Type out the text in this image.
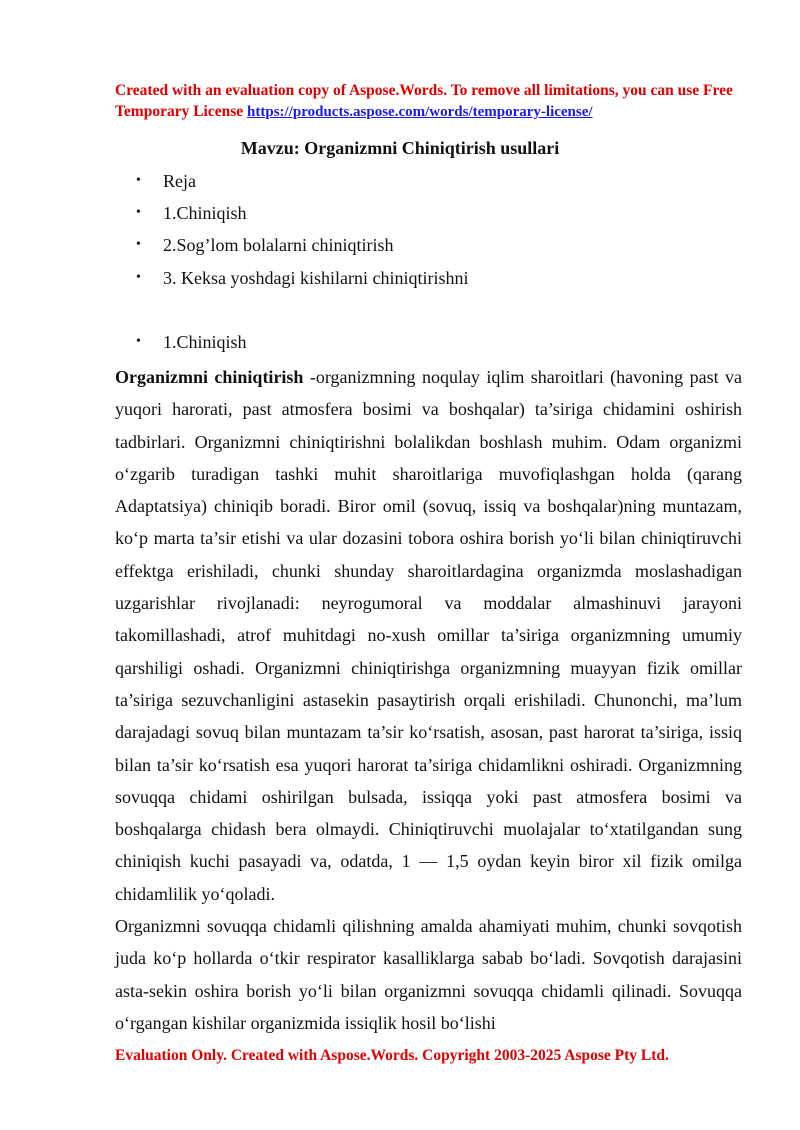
Created with an evaluation copy of Aspose.Words. To remove all limitations, you can use Free Temporary License https://products.aspose.com/words/temporary-license/
Mavzu: Organizmni Chiniqtirish usullari
• Reja
• 1.Chiniqish
• 2.Sog’lom bolalarni chiniqtirish
• 3. Keksa yoshdagi kishilarni chiniqtirishni
• 1.Chiniqish

Organizmni chiniqtirish -organizmning noqulay iqlim sharoitlari (havoning past va yuqori harorati, past atmosfera bosimi va boshqalar) ta’siriga chidamini oshirish tadbirlari. Organizmni chiniqtirishni bolalikdan boshlash muhim. Odam organizmi o‘zgarib turadigan tashki muhit sharoitlariga muvofiqlashgan holda (qarang Adaptatsiya) chiniqib boradi. Biror omil (sovuq, issiq va boshqalar)ning muntazam, ko‘p marta ta’sir etishi va ular dozasini tobora oshira borish yo‘li bilan chiniqtiruvchi effektga erishiladi, chunki shunday sharoitlardagina organizmda moslashadigan uzgarishlar rivojlanadi: neyrogumoral va moddalar almashinuvi jarayoni takomillashadi, atrof muhitdagi no-xush omillar ta’siriga organizmning umumiy qarshiligi oshadi. Organizmni chiniqtirishga organizmning muayyan fizik omillar ta’siriga sezuvchanligini astasekin pasaytirish orqali erishiladi. Chunonchi, ma’lum darajadagi sovuq bilan muntazam ta’sir ko‘rsatish, asosan, past harorat ta’siriga, issiq bilan ta’sir ko‘rsatish esa yuqori harorat ta’siriga chidamlikni oshiradi. Organizmning sovuqqa chidami oshirilgan bulsada, issiqqa yoki past atmosfera bosimi va boshqalarga chidash bera olmaydi. Chiniqtiruvchi muolajalar to‘xtatilgandan sung chiniqish kuchi pasayadi va, odatda, 1 — 1,5 oydan keyin biror xil fizik omilga chidamlilik yo‘qoladi.

Organizmni sovuqqa chidamli qilishning amalda ahamiyati muhim, chunki sovqotish juda ko‘p hollarda o‘tkir respirator kasalliklarga sabab bo‘ladi. Sovqotish darajasini asta-sekin oshira borish yo‘li bilan organizmni sovuqqa chidamli qilinadi. Sovuqqa o‘rgangan kishilar organizmida issiqlik hosil bo‘lishi

Evaluation Only. Created with Aspose.Words. Copyright 2003-2025 Aspose Pty Ltd.
